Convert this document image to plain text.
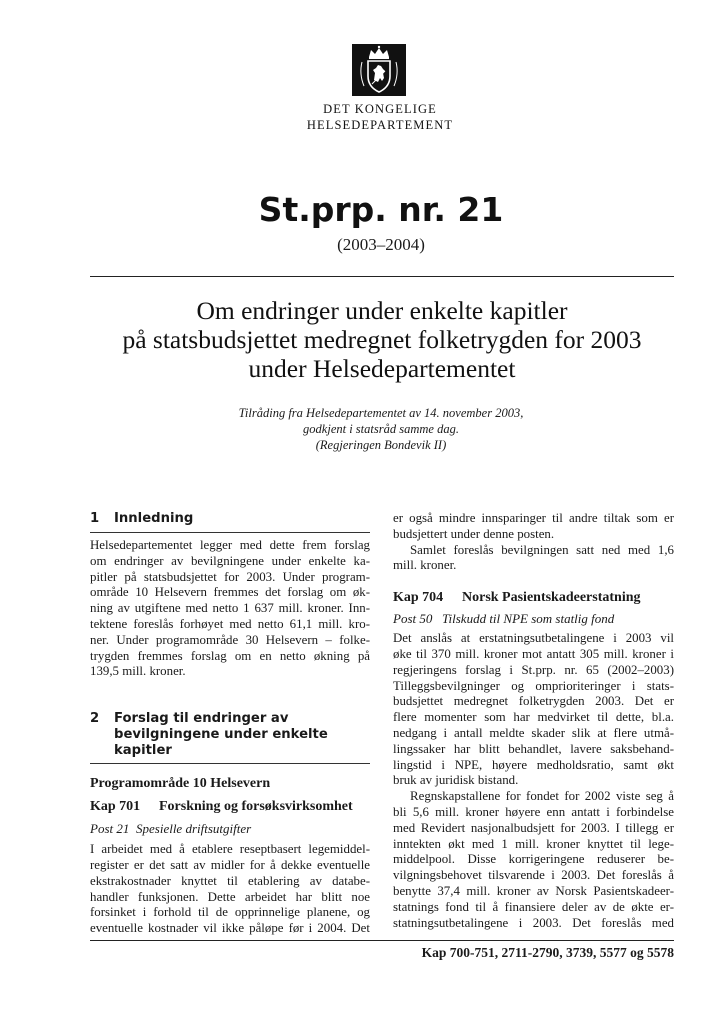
DET KONGELIGE
HELSEDEPARTEMENT
St.prp. nr. 21
(2003–2004)
Om endringer under enkelte kapitler
på statsbudsjettet medregnet folketrygden for 2003
under Helsedepartementet
Tilråding fra Helsedepartementet av 14. november 2003,
godkjent i statsråd samme dag.
(Regjeringen Bondevik II)
1 Innledning
Helsedepartementet legger med dette frem forslag
om endringer av bevilgningene under enkelte ka-
pitler på statsbudsjettet for 2003. Under program-
område 10 Helsevern fremmes det forslag om øk-
ning av utgiftene med netto 1 637 mill. kroner. Inn-
tektene foreslås forhøyet med netto 61,1 mill. kro-
ner. Under programområde 30 Helsevern – folke-
trygden fremmes forslag om en netto økning på
139,5 mill. kroner.
2 Forslag til endringer av
bevilgningene under enkelte
kapitler
Programområde 10 Helsevern
Kap 701 Forskning og forsøksvirksomhet
Post 21 Spesielle driftsutgifter
I arbeidet med å etablere reseptbasert legemiddel-
register er det satt av midler for å dekke eventuelle
ekstrakostnader knyttet til etablering av databe-
handler funksjonen. Dette arbeidet har blitt noe
forsinket i forhold til de opprinnelige planene, og
eventuelle kostnader vil ikke påløpe før i 2004. Det
er også mindre innsparinger til andre tiltak som er
budsjettert under denne posten.
Samlet foreslås bevilgningen satt ned med 1,6
mill. kroner.
Kap 704 Norsk Pasientskadeerstatning
Post 50 Tilskudd til NPE som statlig fond
Det anslås at erstatningsutbetalingene i 2003 vil
øke til 370 mill. kroner mot antatt 305 mill. kroner i
regjeringens forslag i St.prp. nr. 65 (2002–2003)
Tilleggsbevilgninger og omprioriteringer i stats-
budsjettet medregnet folketrygden 2003. Det er
flere momenter som har medvirket til dette, bl.a.
nedgang i antall meldte skader slik at flere utmå-
lingssaker har blitt behandlet, lavere saksbehand-
lingstid i NPE, høyere medholdsratio, samt økt
bruk av juridisk bistand.
Regnskapstallene for fondet for 2002 viste seg å
bli 5,6 mill. kroner høyere enn antatt i forbindelse
med Revidert nasjonalbudsjett for 2003. I tillegg er
inntekten økt med 1 mill. kroner knyttet til lege-
middelpool. Disse korrigeringene reduserer be-
vilgningsbehovet tilsvarende i 2003. Det foreslås å
benytte 37,4 mill. kroner av Norsk Pasientskadeer-
statnings fond til å finansiere deler av de økte er-
statningsutbetalingene i 2003. Det foreslås med
Kap 700-751, 2711-2790, 3739, 5577 og 5578
